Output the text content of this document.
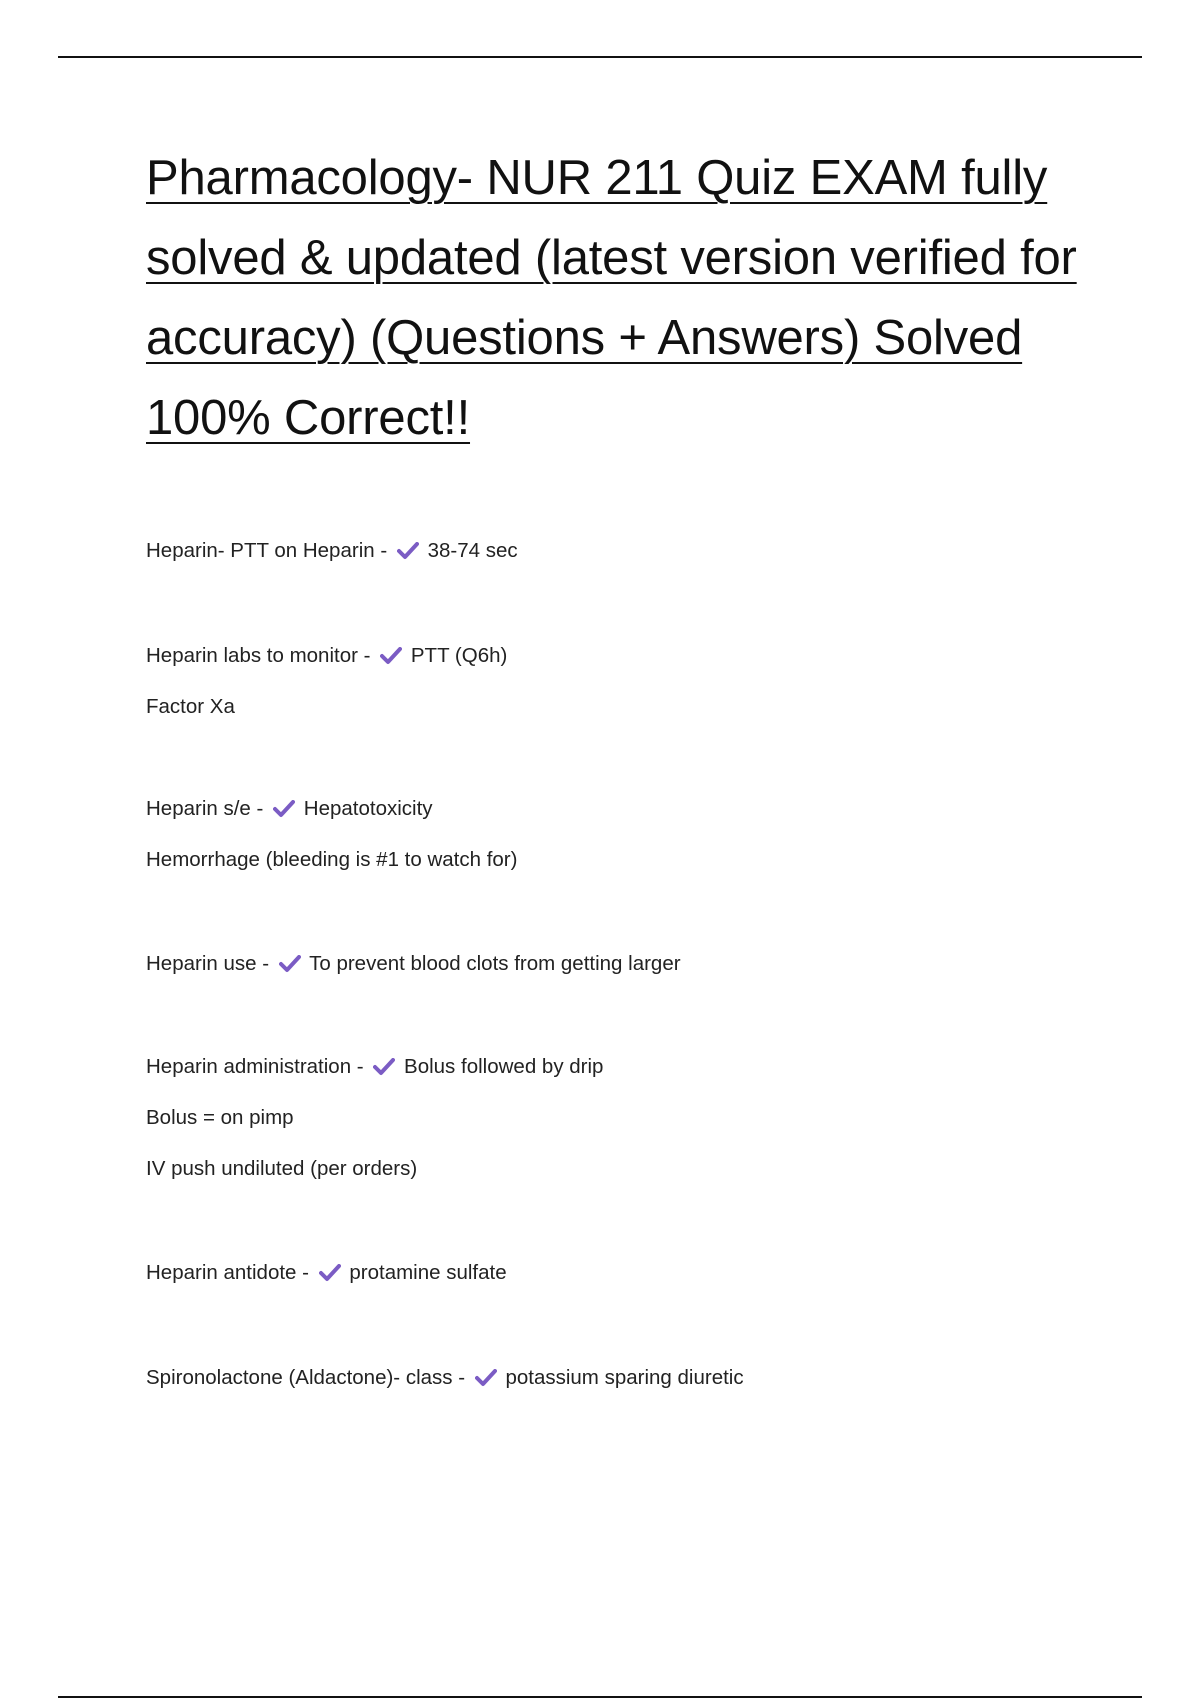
Pharmacology- NUR 211 Quiz EXAM fully solved & updated (latest version verified for accuracy) (Questions + Answers) Solved 100% Correct!!
Heparin- PTT on Heparin - 38-74 sec
Heparin labs to monitor - PTT (Q6h)
Factor Xa
Heparin s/e - Hepatotoxicity
Hemorrhage (bleeding is #1 to watch for)
Heparin use - To prevent blood clots from getting larger
Heparin administration - Bolus followed by drip
Bolus = on pimp
IV push undiluted (per orders)
Heparin antidote - protamine sulfate
Spironolactone (Aldactone)- class - potassium sparing diuretic
